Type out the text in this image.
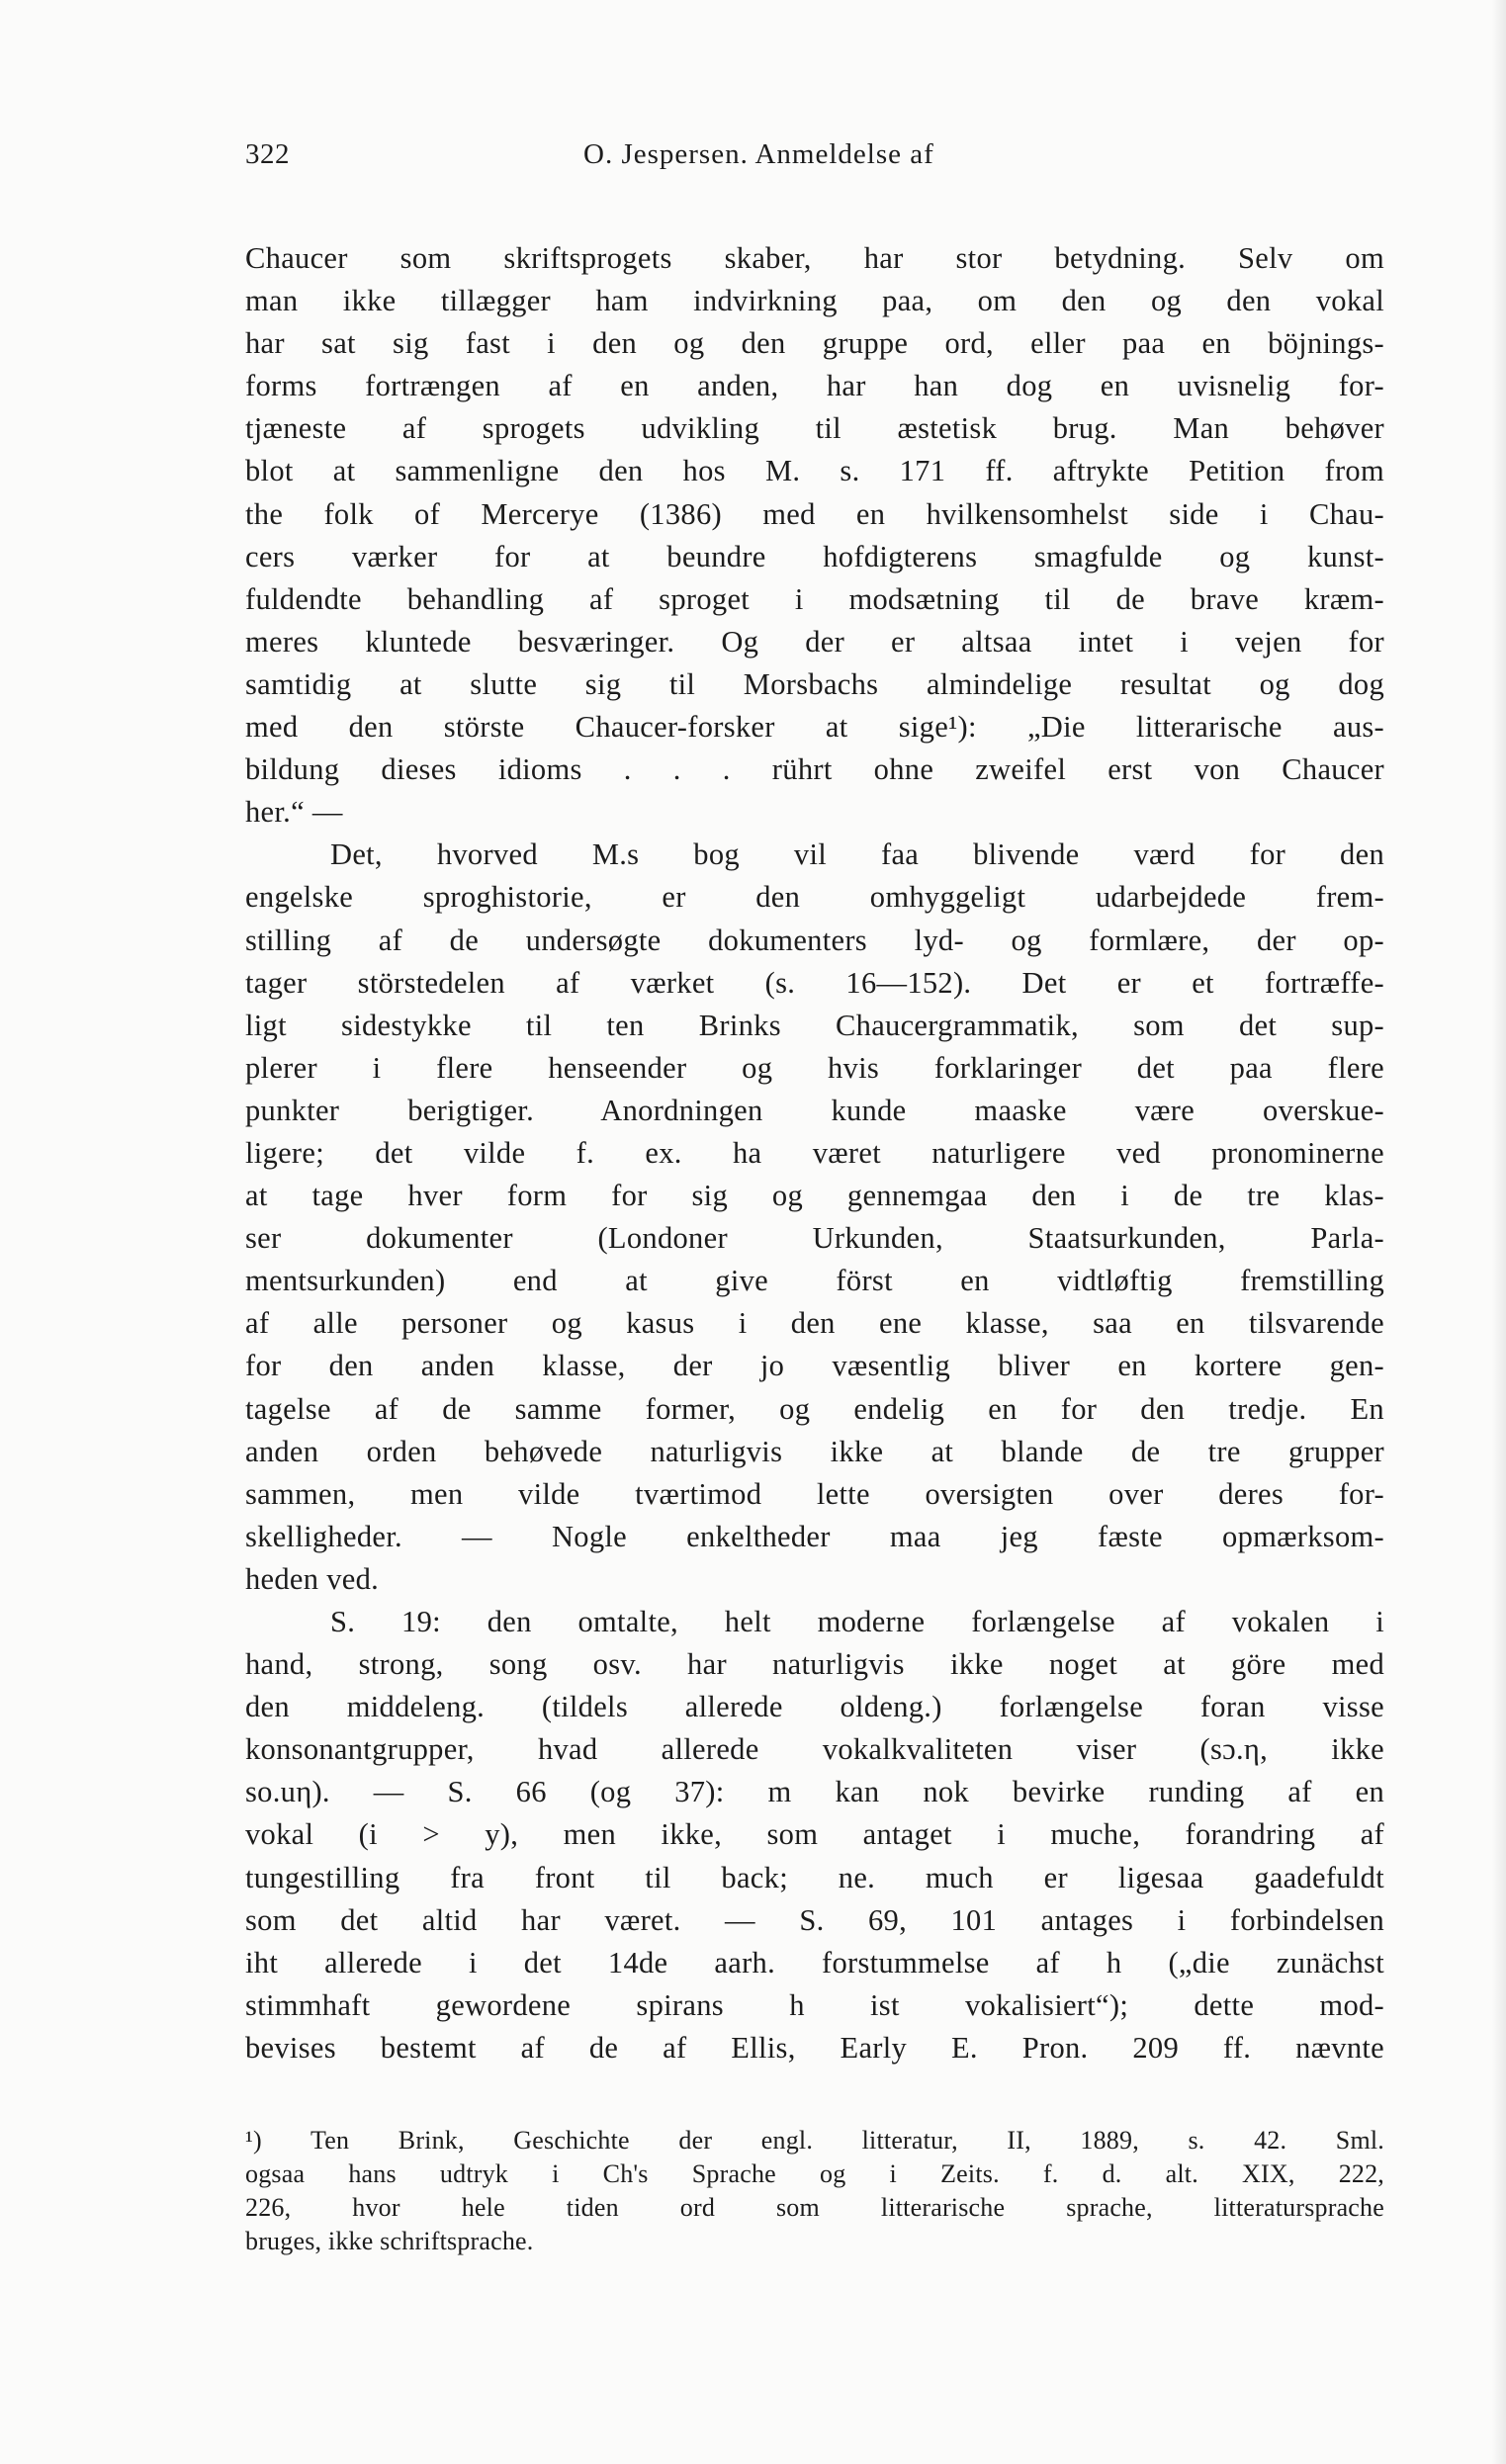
322	O. Jespersen. Anmeldelse af
Chaucer som skriftsprogets skaber, har stor betydning. Selv om
man ikke tillægger ham indvirkning paa, om den og den vokal
har sat sig fast i den og den gruppe ord, eller paa en böjnings-
forms fortrængen af en anden, har han dog en uvisnelig for-
tjæneste af sprogets udvikling til æstetisk brug. Man behøver
blot at sammenligne den hos M. s. 171 ff. aftrykte Petition from
the folk of Mercerye (1386) med en hvilkensomhelst side i Chau-
cers værker for at beundre hofdigterens smagfulde og kunst-
fuldendte behandling af sproget i modsætning til de brave kræm-
meres kluntede besværinger. Og der er altsaa intet i vejen for
samtidig at slutte sig til Morsbachs almindelige resultat og dog
med den störste Chaucer-forsker at sige¹): „Die litterarische aus-
bildung dieses idioms . . . rührt ohne zweifel erst von Chaucer
her.“ —
Det, hvorved M.s bog vil faa blivende værd for den
engelske sproghistorie, er den omhyggeligt udarbejdede frem-
stilling af de undersøgte dokumenters lyd- og formlære, der op-
tager störstedelen af værket (s. 16—152). Det er et fortræffe-
ligt sidestykke til ten Brinks Chaucergrammatik, som det sup-
plerer i flere henseender og hvis forklaringer det paa flere
punkter berigtiger. Anordningen kunde maaske være overskue-
ligere; det vilde f. ex. ha været naturligere ved pronominerne
at tage hver form for sig og gennemgaa den i de tre klas-
ser dokumenter (Londoner Urkunden, Staatsurkunden, Parla-
mentsurkunden) end at give först en vidtløftig fremstilling
af alle personer og kasus i den ene klasse, saa en tilsvarende
for den anden klasse, der jo væsentlig bliver en kortere gen-
tagelse af de samme former, og endelig en for den tredje. En
anden orden behøvede naturligvis ikke at blande de tre grupper
sammen, men vilde tværtimod lette oversigten over deres for-
skelligheder. — Nogle enkeltheder maa jeg fæste opmærksom-
heden ved.
S. 19: den omtalte, helt moderne forlængelse af vokalen i
hand, strong, song osv. har naturligvis ikke noget at göre med
den middeleng. (tildels allerede oldeng.) forlængelse foran visse
konsonantgrupper, hvad allerede vokalkvaliteten viser (sɔ.η, ikke
so.uη). — S. 66 (og 37): m kan nok bevirke runding af en
vokal (i > y), men ikke, som antaget i muche, forandring af
tungestilling fra front til back; ne. much er ligesaa gaadefuldt
som det altid har været. — S. 69, 101 antages i forbindelsen
iht allerede i det 14de aarh. forstummelse af h („die zunächst
stimmhaft gewordene spirans h ist vokalisiert“); dette mod-
bevises bestemt af de af Ellis, Early E. Pron. 209 ff. nævnte
¹) Ten Brink, Geschichte der engl. litteratur, II, 1889, s. 42. Sml.
ogsaa hans udtryk i Ch's Sprache og i Zeits. f. d. alt. XIX, 222,
226, hvor hele tiden ord som litterarische sprache, litteratursprache
bruges, ikke schriftsprache.
